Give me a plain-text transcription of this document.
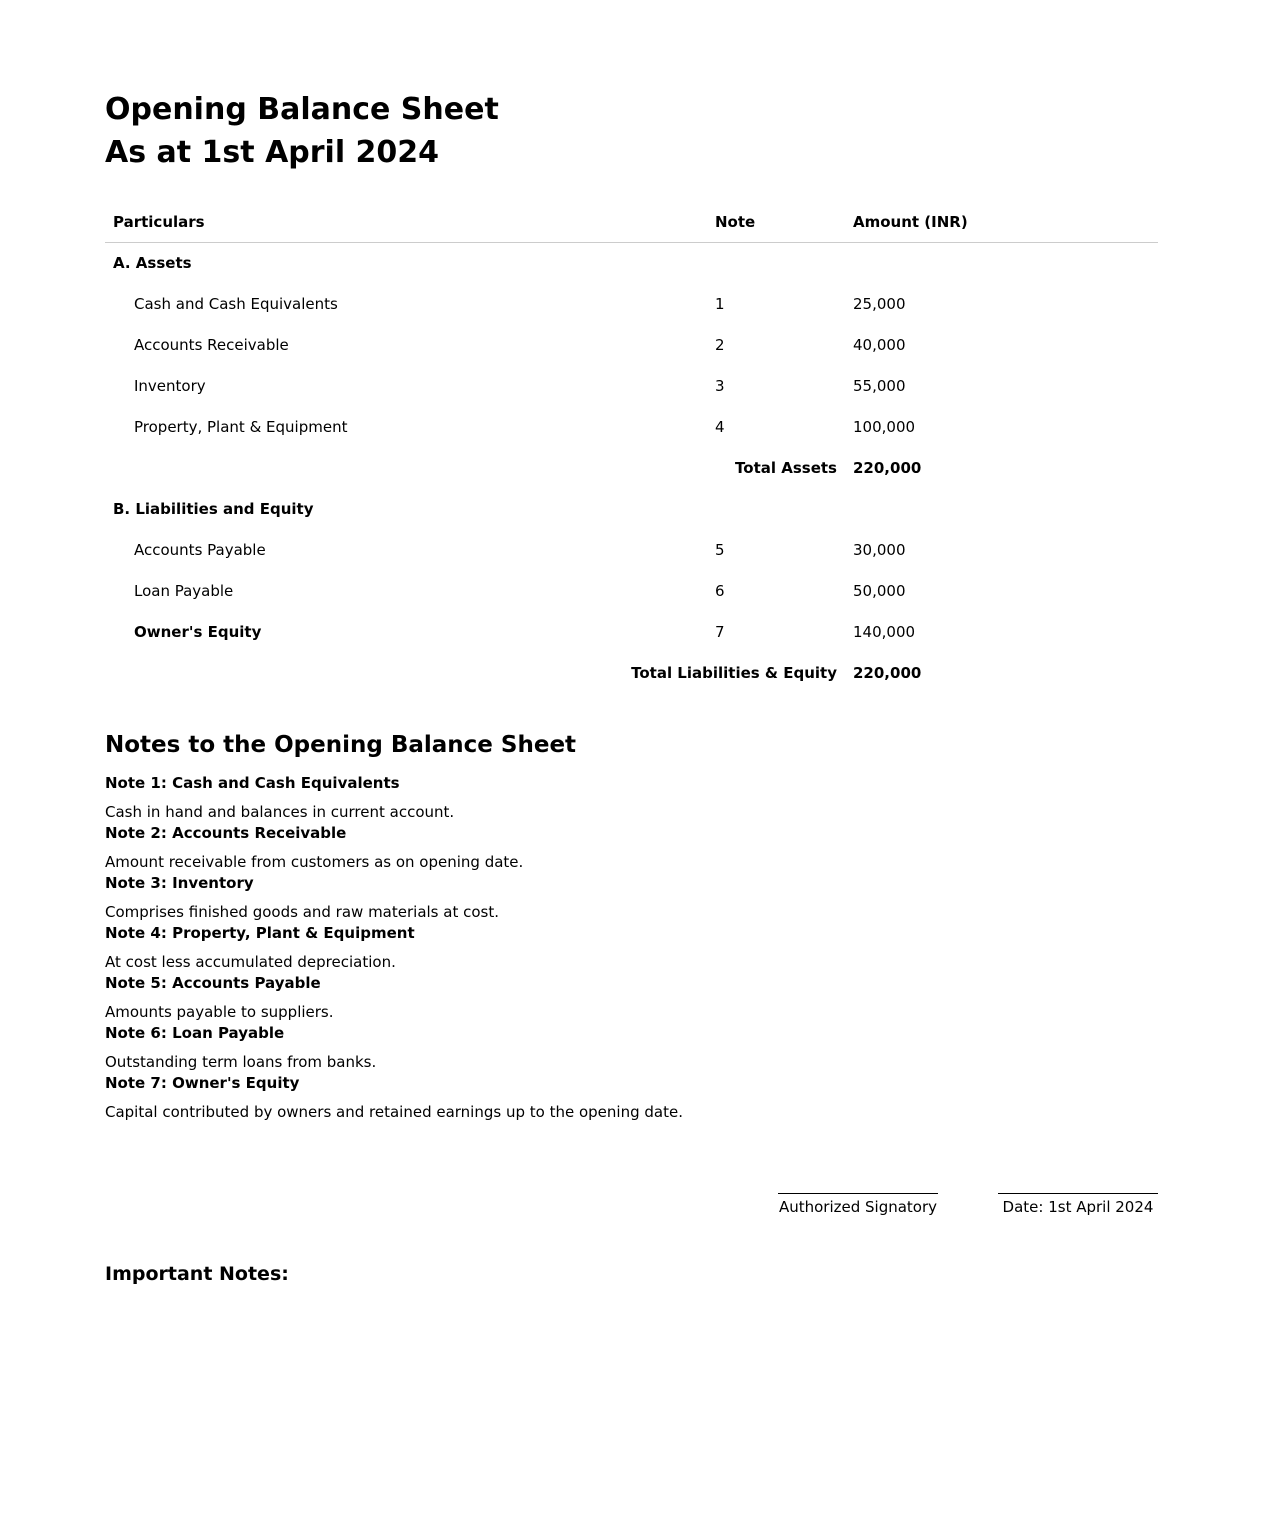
Opening Balance Sheet
As at 1st April 2024
Particulars	Note	Amount (INR)
A. Assets		
Cash and Cash Equivalents	1	25,000
Accounts Receivable	2	40,000
Inventory	3	55,000
Property, Plant & Equipment	4	100,000
	Total Assets	220,000
B. Liabilities and Equity		
Accounts Payable	5	30,000
Loan Payable	6	50,000
Owner's Equity	7	140,000
Total Liabilities & Equity		220,000
Notes to the Opening Balance Sheet
Note 1: Cash and Cash Equivalents
Cash in hand and balances in current account.
Note 2: Accounts Receivable
Amount receivable from customers as on opening date.
Note 3: Inventory
Comprises finished goods and raw materials at cost.
Note 4: Property, Plant & Equipment
At cost less accumulated depreciation.
Note 5: Accounts Payable
Amounts payable to suppliers.
Note 6: Loan Payable
Outstanding term loans from banks.
Note 7: Owner's Equity
Capital contributed by owners and retained earnings up to the opening date.
Authorized Signatory	Date: 1st April 2024
Important Notes:
